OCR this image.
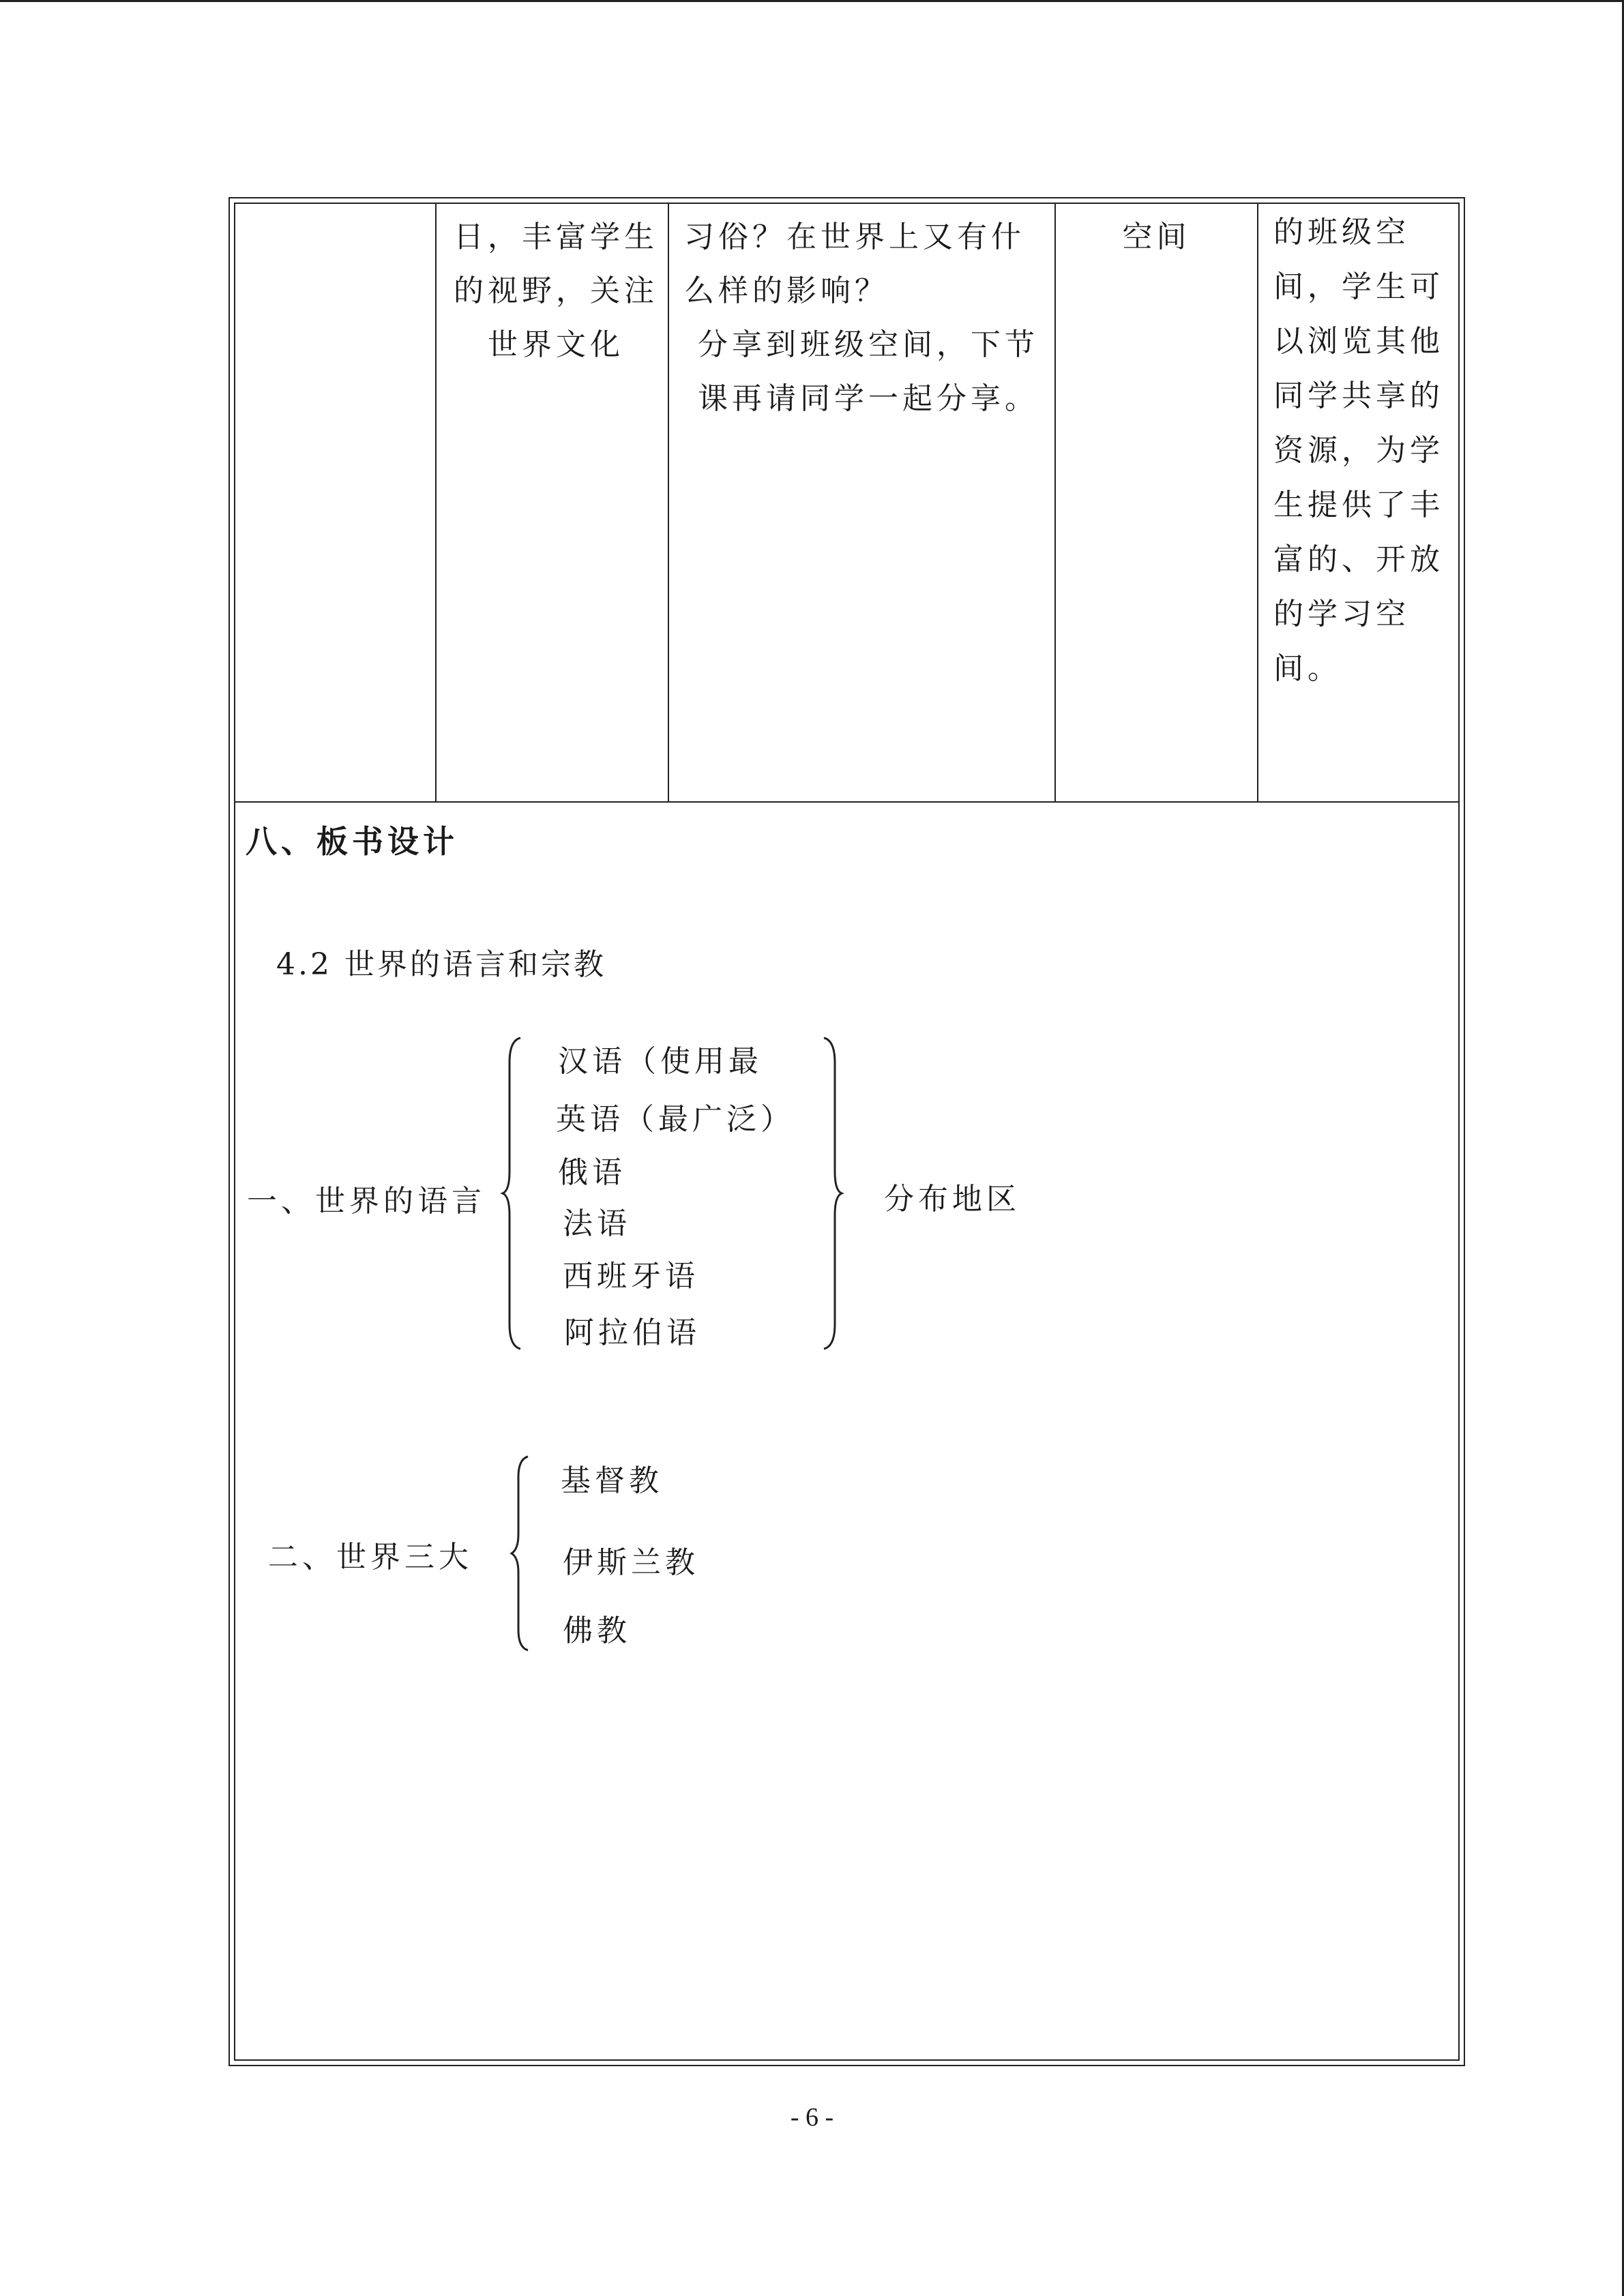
日，丰富学生

的视野，关注

世界文化

习俗？在世界上又有什

么样的影响？

分享到班级空间，下节

课再请同学一起分享。

空间	的班级空

间，学生可

以浏览其他

同学共享的

资源，为学

生提供了丰

富的、开放

的学习空

间。

八、板书设计
4.2 世界的语言和宗教
一、世界的语言
汉语（使用最
英语（最广泛）
俄语
法语
西班牙语
阿拉伯语
分布地区
二、世界三大
基督教
伊斯兰教
佛教
- 6 -
